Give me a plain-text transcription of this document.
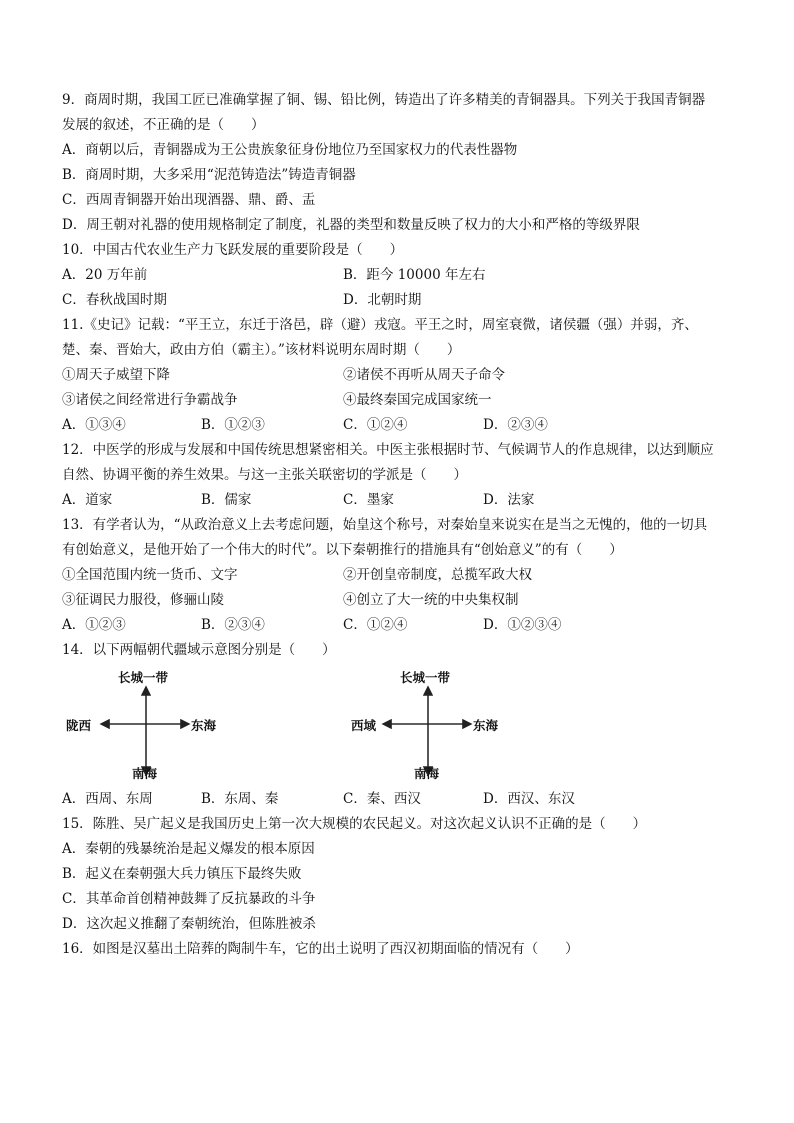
9．商周时期，我国工匠已准确掌握了铜、锡、铅比例，铸造出了许多精美的青铜器具。下列关于我国青铜器
发展的叙述，不正确的是（　　）
A．商朝以后，青铜器成为王公贵族象征身份地位乃至国家权力的代表性器物
B．商周时期，大多采用“泥范铸造法”铸造青铜器
C．西周青铜器开始出现酒器、鼎、爵、盂
D．周王朝对礼器的使用规格制定了制度，礼器的类型和数量反映了权力的大小和严格的等级界限
10．中国古代农业生产力飞跃发展的重要阶段是（　　）
A．20 万年前	B．距今 10000 年左右
C．春秋战国时期	D．北朝时期
11.《史记》记载：“平王立，东迁于洛邑，辟（避）戎寇。平王之时，周室衰微，诸侯疆（强）并弱，齐、
楚、秦、晋始大，政由方伯（霸主）。”该材料说明东周时期（　　）
①周天子威望下降	②诸侯不再听从周天子命令
③诸侯之间经常进行争霸战争	④最终秦国完成国家统一
A．①③④	B．①②③	C．①②④	D．②③④
12．中医学的形成与发展和中国传统思想紧密相关。中医主张根据时节、气候调节人的作息规律，以达到顺应
自然、协调平衡的养生效果。与这一主张关联密切的学派是（　　）
A．道家	B．儒家	C．墨家	D．法家
13．有学者认为，“从政治意义上去考虑问题，始皇这个称号，对秦始皇来说实在是当之无愧的，他的一切具
有创始意义，是他开始了一个伟大的时代”。以下秦朝推行的措施具有“创始意义”的有（　　）
①全国范围内统一货币、文字	②开创皇帝制度，总揽军政大权
③征调民力服役，修骊山陵	④创立了大一统的中央集权制
A．①②③	B．②③④	C．①②④	D．①②③④
14．以下两幅朝代疆域示意图分别是（　　）
长城一带
陇西	东海
南海
长城一带
西域	东海
南海
A．西周、东周	B．东周、秦	C．秦、西汉	D．西汉、东汉
15．陈胜、吴广起义是我国历史上第一次大规模的农民起义。对这次起义认识不正确的是（　　）
A．秦朝的残暴统治是起义爆发的根本原因
B．起义在秦朝强大兵力镇压下最终失败
C．其革命首创精神鼓舞了反抗暴政的斗争
D．这次起义推翻了秦朝统治，但陈胜被杀
16．如图是汉墓出土陪葬的陶制牛车，它的出土说明了西汉初期面临的情况有（　　）
